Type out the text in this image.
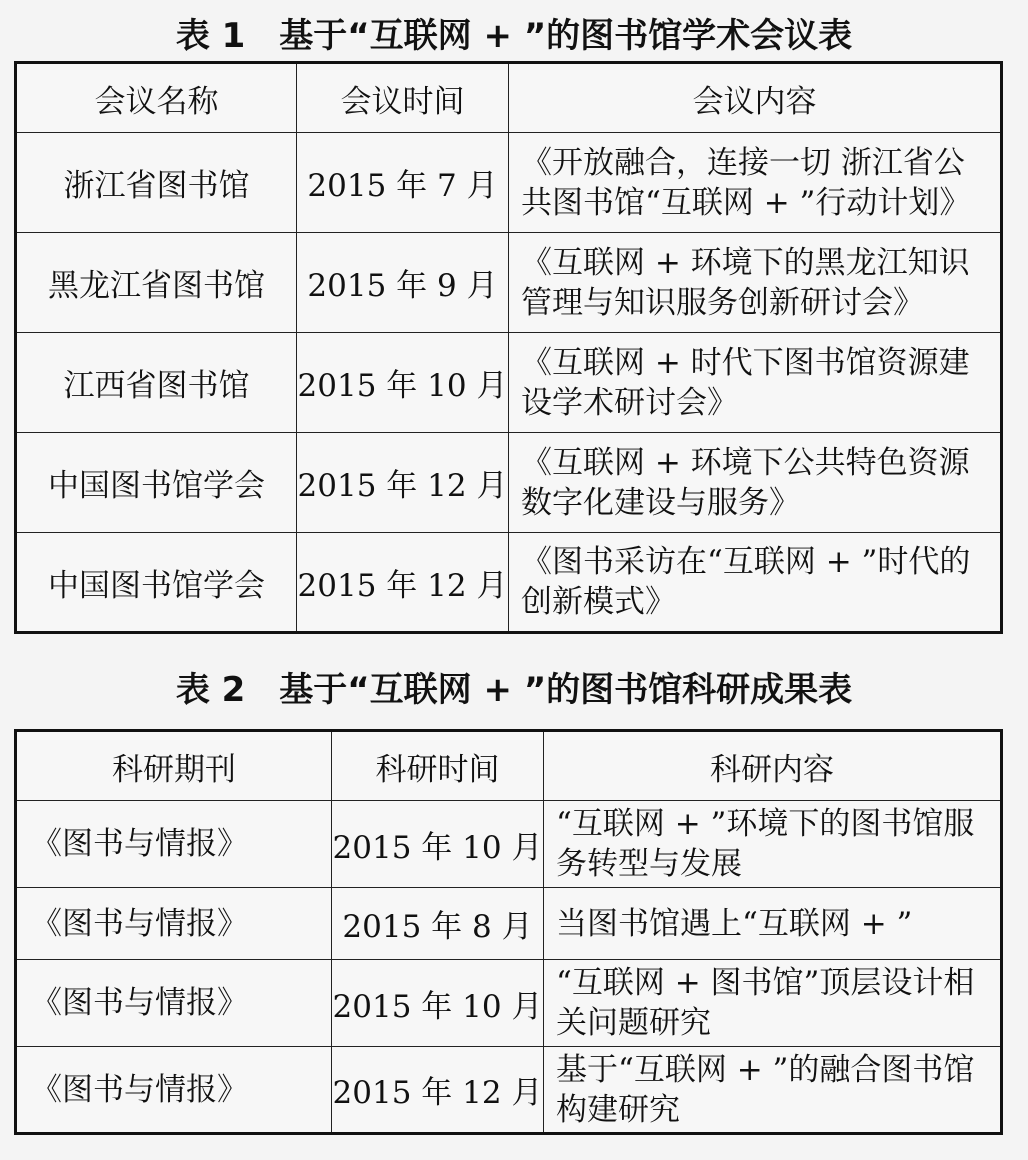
表 1　基于“互联网 + ”的图书馆学术会议表
会议名称	会议时间	会议内容
浙江省图书馆	2015 年 7 月	《开放融合，连接一切 浙江省公共图书馆“互联网 + ”行动计划》
黑龙江省图书馆	2015 年 9 月	《互联网 + 环境下的黑龙江知识管理与知识服务创新研讨会》
江西省图书馆	2015 年 10 月	《互联网 + 时代下图书馆资源建设学术研讨会》
中国图书馆学会	2015 年 12 月	《互联网 + 环境下公共特色资源数字化建设与服务》
中国图书馆学会	2015 年 12 月	《图书采访在“互联网 + ”时代的创新模式》
表 2　基于“互联网 + ”的图书馆科研成果表
科研期刊	科研时间	科研内容
《图书与情报》	2015 年 10 月	“互联网 + ”环境下的图书馆服务转型与发展
《图书与情报》	2015 年 8 月	当图书馆遇上“互联网 + ”
《图书与情报》	2015 年 10 月	“互联网 + 图书馆”顶层设计相关问题研究
《图书与情报》	2015 年 12 月	基于“互联网 + ”的融合图书馆构建研究
